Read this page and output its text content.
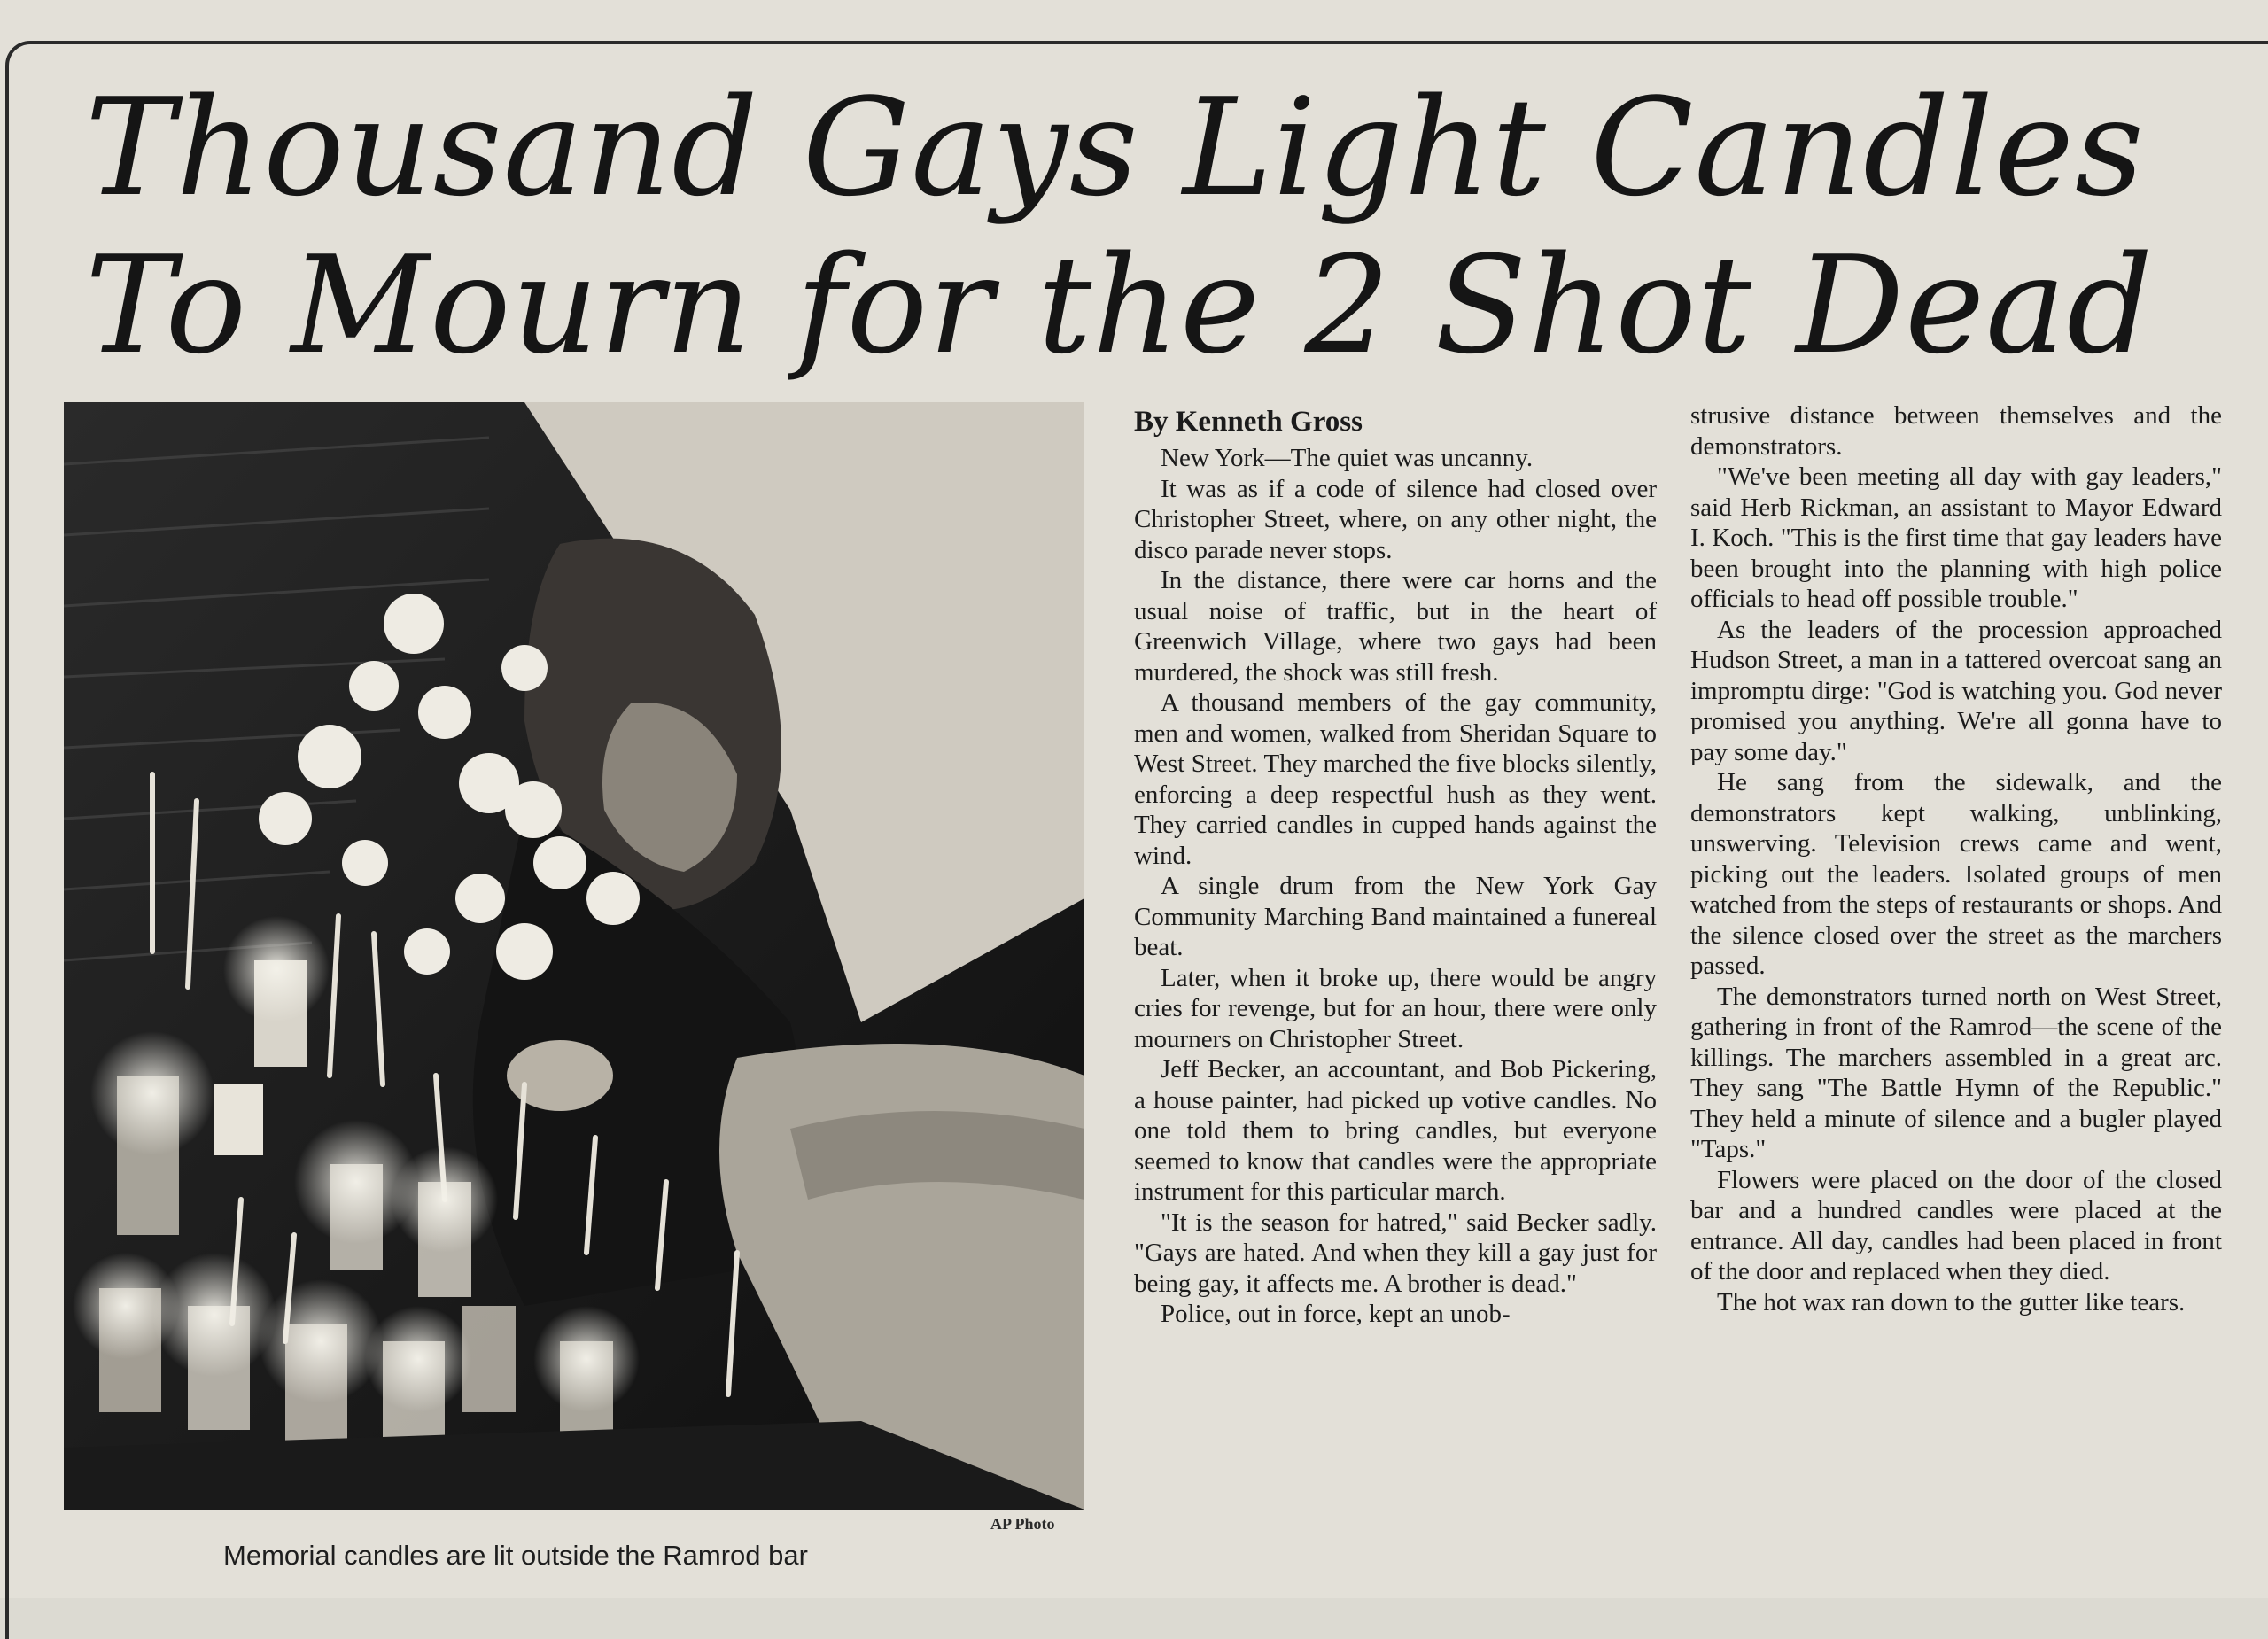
Thousand Gays Light Candles
To Mourn for the 2 Shot Dead
AP Photo
Memorial candles are lit outside the Ramrod bar

By Kenneth Gross

New York—The quiet was uncanny.

It was as if a code of silence had closed over Christopher Street, where, on any other night, the disco parade never stops.

In the distance, there were car horns and the usual noise of traffic, but in the heart of Greenwich Village, where two gays had been murdered, the shock was still fresh.

A thousand members of the gay community, men and women, walked from Sheridan Square to West Street. They marched the five blocks silently, enforcing a deep respectful hush as they went. They carried candles in cupped hands against the wind.

A single drum from the New York Gay Community Marching Band maintained a funereal beat.

Later, when it broke up, there would be angry cries for revenge, but for an hour, there were only mourners on Christopher Street.

Jeff Becker, an accountant, and Bob Pickering, a house painter, had picked up votive candles. No one told them to bring candles, but everyone seemed to know that candles were the appropriate instrument for this particular march.

"It is the season for hatred," said Becker sadly. "Gays are hated. And when they kill a gay just for being gay, it affects me. A brother is dead."

Police, out in force, kept an unob-

strusive distance between themselves and the demonstrators.

"We've been meeting all day with gay leaders," said Herb Rickman, an assistant to Mayor Edward I. Koch. "This is the first time that gay leaders have been brought into the planning with high police officials to head off possible trouble."

As the leaders of the procession approached Hudson Street, a man in a tattered overcoat sang an impromptu dirge: "God is watching you. God never promised you anything. We're all gonna have to pay some day."

He sang from the sidewalk, and the demonstrators kept walking, unblinking, unswerving. Television crews came and went, picking out the leaders. Isolated groups of men watched from the steps of restaurants or shops. And the silence closed over the street as the marchers passed.

The demonstrators turned north on West Street, gathering in front of the Ramrod—the scene of the killings. The marchers assembled in a great arc. They sang "The Battle Hymn of the Republic." They held a minute of silence and a bugler played "Taps."

Flowers were placed on the door of the closed bar and a hundred candles were placed at the entrance. All day, candles had been placed in front of the door and replaced when they died.

The hot wax ran down to the gutter like tears.
